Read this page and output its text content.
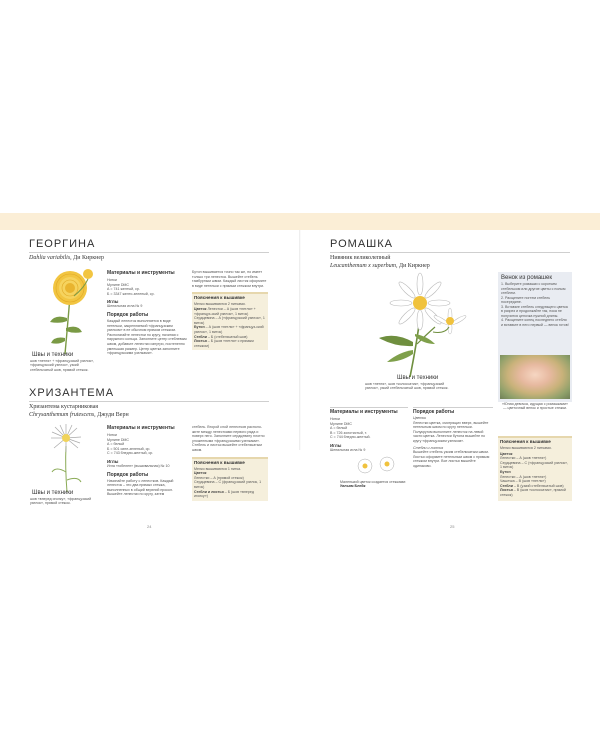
ГЕОРГИНА
Dahlia variabilis, Ди Киркнер
Швы и техники
шов «петля» + «французский узелок», «французский узелок», узкий стебельчатый шов, прямой стежок.
Материалы и инструменты
Нитки
Мулине DMC
А = 741 желтый, ср.
Б = 3347 желто-зеленый, ср.
Иглы
Шенильная игла № 9
Порядок работы
Каждый лепесток выполняется в виде петельки, закрепляемой «французским узелком» в ее обычном прямом стежком. Располагайте лепестки по кругу, начиная с наружного кольца. Заполните центр стеблевым швом, добавьте лепестки изнутри, постепенно уменьшая размер. Центр цветка заполните «французскими узелками».
Бутон вышивается точно так же, но имеет только три лепестка. Вышейте стебель тамбурным швом. Каждый листик оформите в виде петельки с прямым стежком внутри.
Пояснения к вышивке
Мелко вышиваются 2 нитками.
Цветок Лепестки – А (шов «петля» + «француз-ский узелок», 1 виток)
Сердцевина – А («французский узелок», 1 виток)
Бутон – А (шов «петля» + «француз-ский узелок», 1 виток)
Стебли – Б (стебельчатый шов)
Листья – Б (шов «петля» с прямым стежком)
ХРИЗАНТЕМА
Хризантема кустарниковая
Chrysanthemum frutescens, Джуди Верн
Швы и техники
шов «вперед иголку», «французский узелок», прямой стежок.
Материалы и инструменты
Нитки
Мулине DMC
А = белый
Б = 501 сине-зеленый, ср.
С = 743 бледно-желтый, ср.
Иглы
Игла «гобелен» (вышивальная) № 10
Порядок работы
Начинайте работу с лепестков. Каждый лепесток – это два прямых стежка, выполненных в общий верхний прокол. Вышейте лепестки по кругу, затем
стебель. Второй слой лепестков располо-жите между лепестками первого ряда и поверх него. Заполните сердцевину плотно уложенными «французскими узелками». Стебель и листья вышейте стебельчатым швом.
Пояснения к вышивке
Мелко вышиваются 1 нитка.
Цветок
Лепестки – А (прямой стежок)
Сердцевина – С (французский узелок, 1 виток)
Стебли и листья – Б (шов «вперед иголку»)
24
РОМАШКА
Нивяник великолепный
Leucanthemum x superbum, Ди Киркнер
Швы и техники
шов «петля», шов «колоссатик», «французский узелок», узкий стебельчатый шов, прямой стежок.
Венок из ромашек
1. Выберите ромашки с коротким стебельком или другие цветы с полым стеблем.
2. Расщепите ногтем стебель посередине.
3. Вставьте стебель следующего цветка в разрез и продолжайте так, пока не получится цепочка нужной длины.
4. Расщепите конец последнего стебля и вставьте в него первый — венок готов!
«Юная девочка, идущая с ромашками» — цветочный венок и простые стежки.
Материалы и инструменты
Нитки
Мулине DMC
А = белый
В = 726 золотистый, т.
С = 744 бледно-желтый.
Иглы
Шенильная игла № 9
Маленький цветок создается стежками: Уильям Блейк
Порядок работы
Цветки
Лепестки цветка, смотрящих вверх, вышейте петельным швом по кругу петельки. Полукругом выполните лепесток на левой части цветка. Лепестки бутона вышейте по кругу «французским узелком».
Стебли и листья
Вышейте стебель узким стебельчатым швом. Листья оформите петельным швом с прямым стежком внутри. Все листья вышейте одинаково.
Пояснения к вышивке
Мелко вышиваются 2 нитками.
Цветок
Лепестки – А (шов «петля»)
Сердцевина – С («французский узелок», 1 виток)
Бутон
Лепестки – А (шов «петля»)
Чашечка – В (шов «петля»)
Стебли – В (узкий стебельчатый шов)
Листья – В (шов «колоссатик», прямой стежок)
25
